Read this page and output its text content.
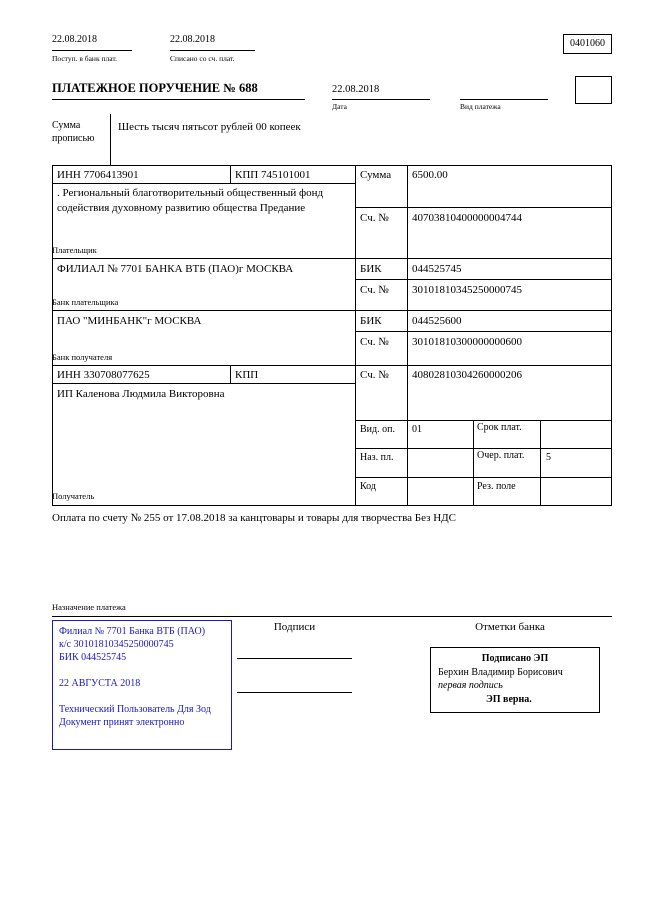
22.08.2018
Поступ. в банк плат.
22.08.2018
Списано со сч. плат.
0401060
ПЛАТЕЖНОЕ ПОРУЧЕНИЕ № 688	22.08.2018
Дата	Вид платежа
Сумма
прописью
Шесть тысяч пятьсот рублей 00 копеек
ИНН 7706413901	КПП 745101001	Сумма 6500.00
. Региональный благотворительный общественный фонд содействия духовному развитию общества Предание
Сч. № 40703810400000004744
Плательщик
ФИЛИАЛ № 7701 БАНКА ВТБ (ПАО)г МОСКВА	БИК	044525745
Сч. № 30101810345250000745
Банк плательщика
ПАО "МИНБАНК"г МОСКВА	БИК	044525600
Сч. № 30101810300000000600
Банк получателя
ИНН 330708077625	КПП	Сч. № 40802810304260000206
ИП Каленова Людмила Викторовна
Получатель
Вид. оп. 01	Срок плат.
Наз. пл.	Очер. плат.	5
Код	Рез. поле
Оплата по счету № 255 от 17.08.2018 за канцтовары и товары для творчества Без НДС
Назначение платежа
Филиал № 7701 Банка ВТБ (ПАО)
к/с 30101810345250000745
БИК 044525745
22 АВГУСТА 2018
Технический Пользователь Для Зод
Документ принят электронно
Подписи	Отметки банка
Подписано ЭП
Берхин Владимир Борисович
первая подпись
ЭП верна.
